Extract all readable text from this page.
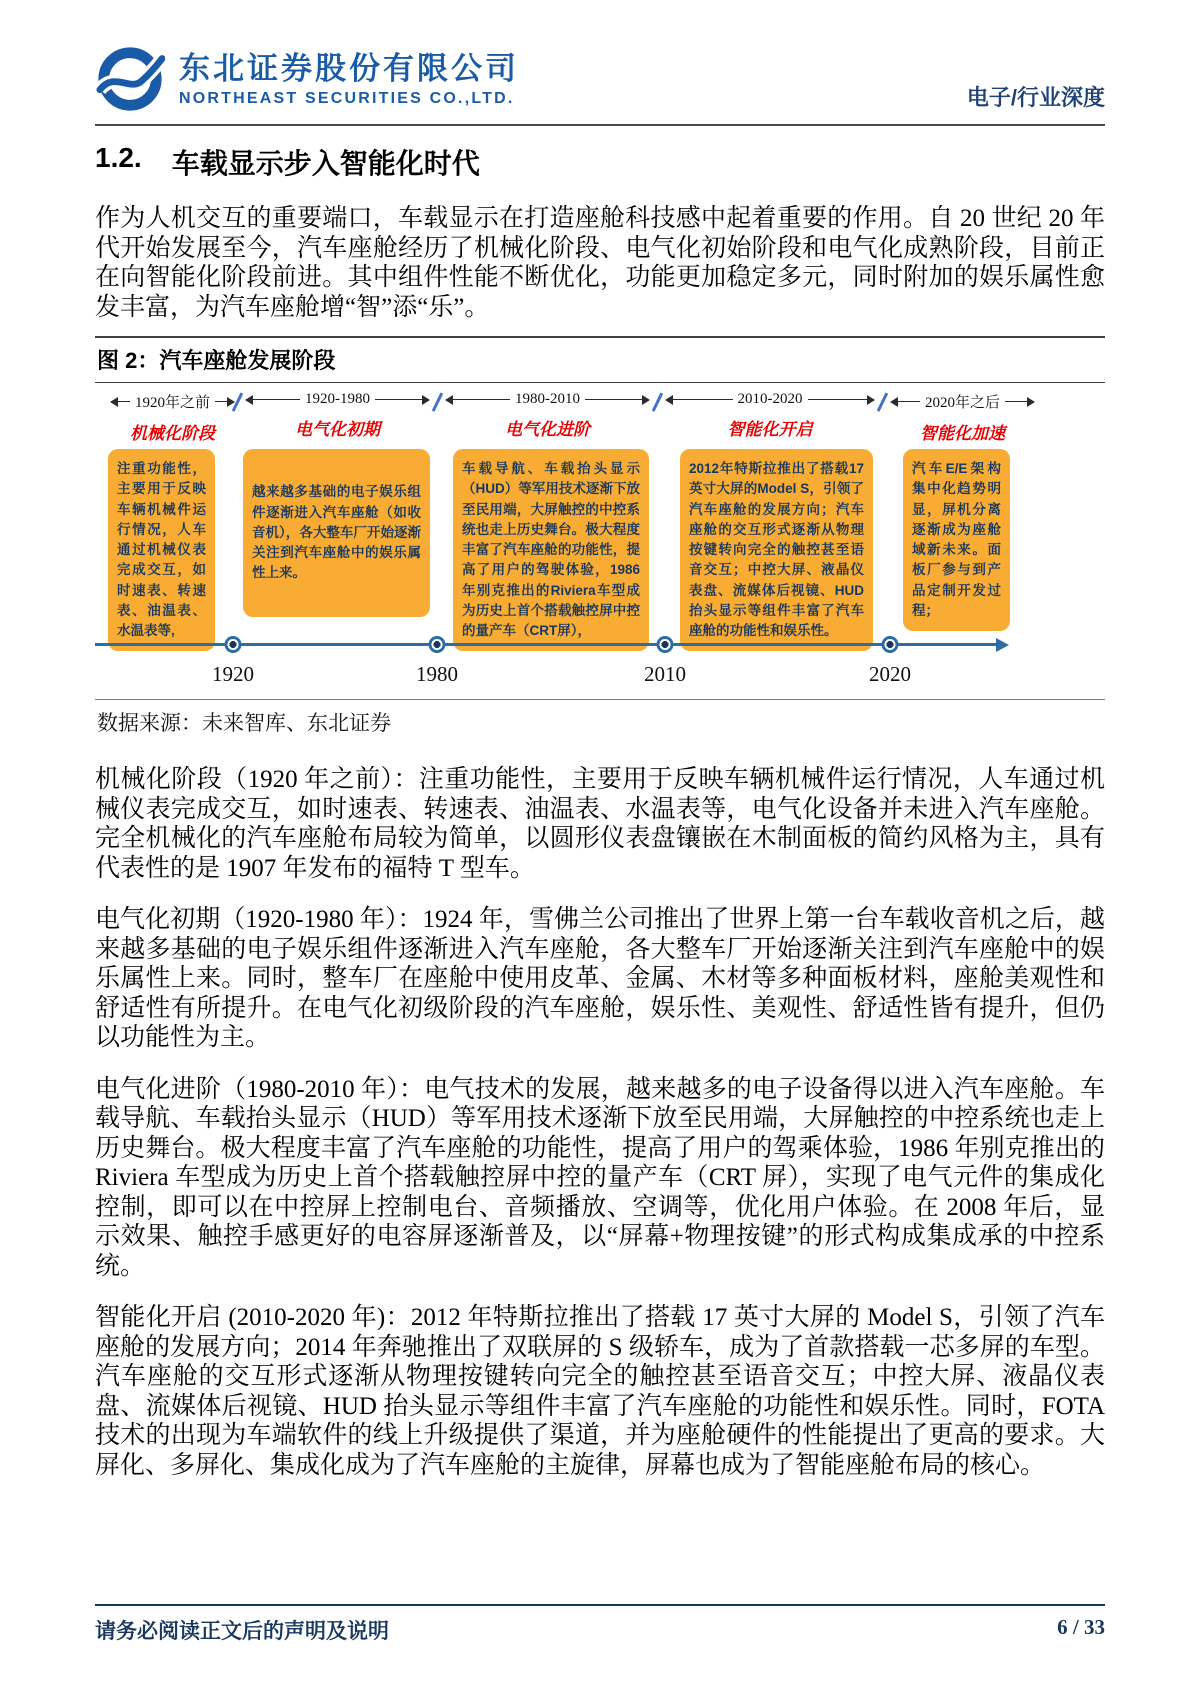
东北证券股份有限公司
NORTHEAST SECURITIES CO.,LTD.	电子/行业深度
1.2. 车载显示步入智能化时代

作为人机交互的重要端口，车载显示在打造座舱科技感中起着重要的作用。自 20 世纪 20 年代开始发展至今，汽车座舱经历了机械化阶段、电气化初始阶段和电气化成熟阶段，目前正在向智能化阶段前进。其中组件性能不断优化，功能更加稳定多元，同时附加的娱乐属性愈发丰富，为汽车座舱增“智”添“乐”。

图 2：汽车座舱发展阶段
1920年之前
机械化阶段
1920-1980
电气化初期
1980-2010
电气化进阶
2010-2020
智能化开启
2020年之后
智能化加速
注重功能性，主要用于反映车辆机械件运行情况，人车通过机械仪表完成交互，如时速表、转速表、油温表、水温表等,
越来越多基础的电子娱乐组件逐渐进入汽车座舱（如收音机），各大整车厂开始逐渐关注到汽车座舱中的娱乐属性上来。
车载导航、车载抬头显示（HUD）等军用技术逐渐下放至民用端，大屏触控的中控系统也走上历史舞台。极大程度丰富了汽车座舱的功能性，提高了用户的驾驶体验，1986年别克推出的Riviera车型成为历史上首个搭载触控屏中控的量产车（CRT屏），
2012年特斯拉推出了搭载17英寸大屏的Model S，引领了汽车座舱的发展方向；汽车座舱的交互形式逐渐从物理按键转向完全的触控甚至语音交互；中控大屏、液晶仪表盘、流媒体后视镜、HUD抬头显示等组件丰富了汽车座舱的功能性和娱乐性。
汽车E/E架构集中化趋势明显，屏机分离逐渐成为座舱域新未来。面板厂参与到产品定制开发过程；
1920	1980	2010	2020
数据来源：未来智库、东北证券

机械化阶段（1920 年之前）：注重功能性，主要用于反映车辆机械件运行情况，人车通过机械仪表完成交互，如时速表、转速表、油温表、水温表等，电气化设备并未进入汽车座舱。完全机械化的汽车座舱布局较为简单，以圆形仪表盘镶嵌在木制面板的简约风格为主，具有代表性的是 1907 年发布的福特 T 型车。

电气化初期（1920-1980 年）：1924 年，雪佛兰公司推出了世界上第一台车载收音机之后，越来越多基础的电子娱乐组件逐渐进入汽车座舱，各大整车厂开始逐渐关注到汽车座舱中的娱乐属性上来。同时，整车厂在座舱中使用皮革、金属、木材等多种面板材料，座舱美观性和舒适性有所提升。在电气化初级阶段的汽车座舱，娱乐性、美观性、舒适性皆有提升，但仍以功能性为主。

电气化进阶（1980-2010 年）：电气技术的发展，越来越多的电子设备得以进入汽车座舱。车载导航、车载抬头显示（HUD）等军用技术逐渐下放至民用端，大屏触控的中控系统也走上历史舞台。极大程度丰富了汽车座舱的功能性，提高了用户的驾乘体验，1986 年别克推出的 Riviera 车型成为历史上首个搭载触控屏中控的量产车（CRT 屏），实现了电气元件的集成化控制，即可以在中控屏上控制电台、音频播放、空调等，优化用户体验。在 2008 年后，显示效果、触控手感更好的电容屏逐渐普及，以“屏幕+物理按键”的形式构成集成承的中控系统。

智能化开启 (2010-2020 年)：2012 年特斯拉推出了搭载 17 英寸大屏的 Model S，引领了汽车座舱的发展方向；2014 年奔驰推出了双联屏的 S 级轿车，成为了首款搭载一芯多屏的车型。汽车座舱的交互形式逐渐从物理按键转向完全的触控甚至语音交互；中控大屏、液晶仪表盘、流媒体后视镜、HUD 抬头显示等组件丰富了汽车座舱的功能性和娱乐性。同时，FOTA 技术的出现为车端软件的线上升级提供了渠道，并为座舱硬件的性能提出了更高的要求。大屏化、多屏化、集成化成为了汽车座舱的主旋律，屏幕也成为了智能座舱布局的核心。

请务必阅读正文后的声明及说明	6 / 33
